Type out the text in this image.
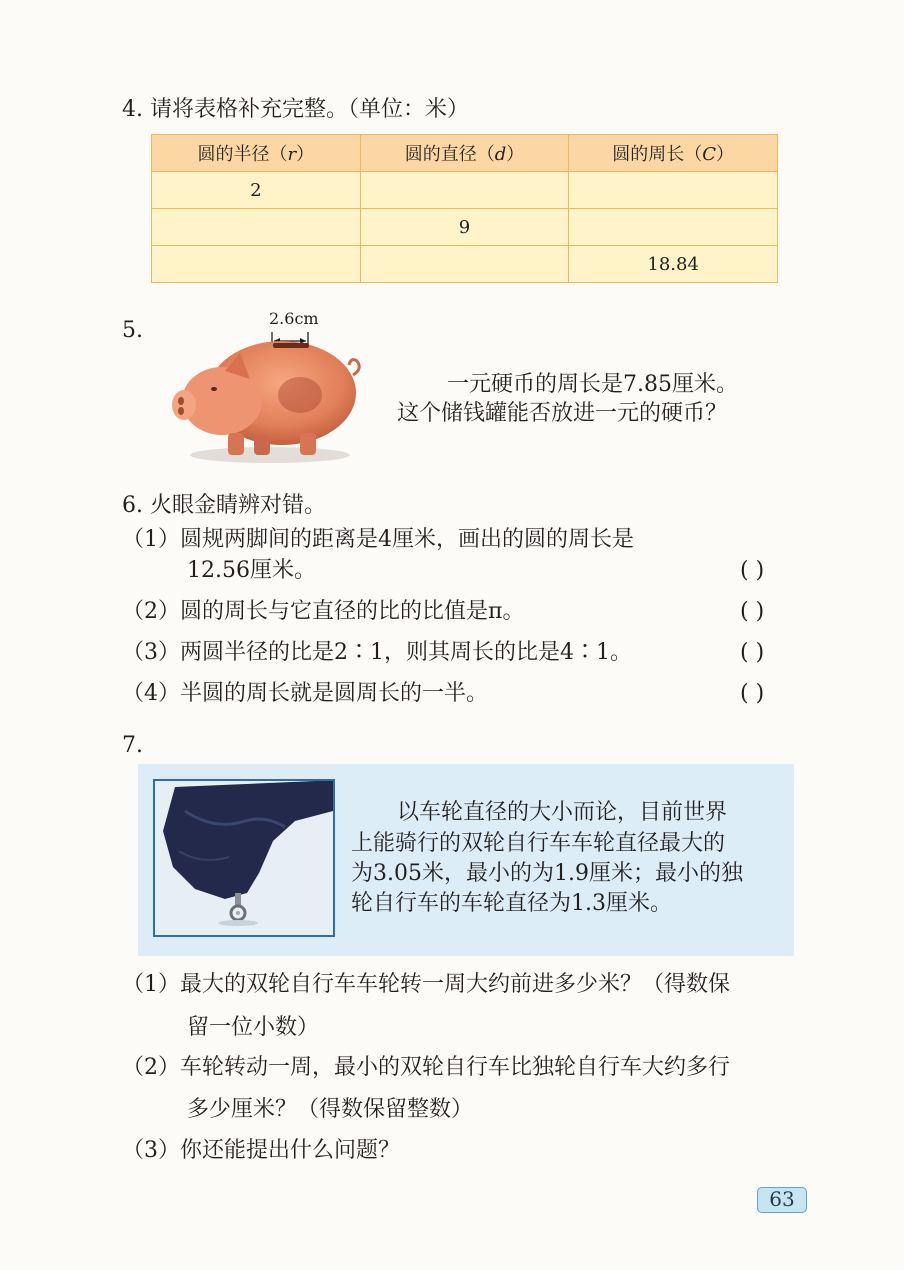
4. 请将表格补充完整。（单位：米）
圆的半径（r）	圆的直径（d）	圆的周长（C）
2		
	9	
		18.84
5.	2.6cm
一元硬币的周长是7.85厘米。
这个储钱罐能否放进一元的硬币？
6. 火眼金睛辨对错。
（1）圆规两脚间的距离是4厘米，画出的圆的周长是
12.56厘米。	( )
（2）圆的周长与它直径的比的比值是π。	( )
（3）两圆半径的比是2∶1，则其周长的比是4∶1。	( )
（4）半圆的周长就是圆周长的一半。	( )
7.
以车轮直径的大小而论，目前世界
上能骑行的双轮自行车车轮直径最大的
为3.05米，最小的为1.9厘米；最小的独
轮自行车的车轮直径为1.3厘米。
（1）最大的双轮自行车车轮转一周大约前进多少米？（得数保
留一位小数）
（2）车轮转动一周，最小的双轮自行车比独轮自行车大约多行
多少厘米？（得数保留整数）
（3）你还能提出什么问题？
63
